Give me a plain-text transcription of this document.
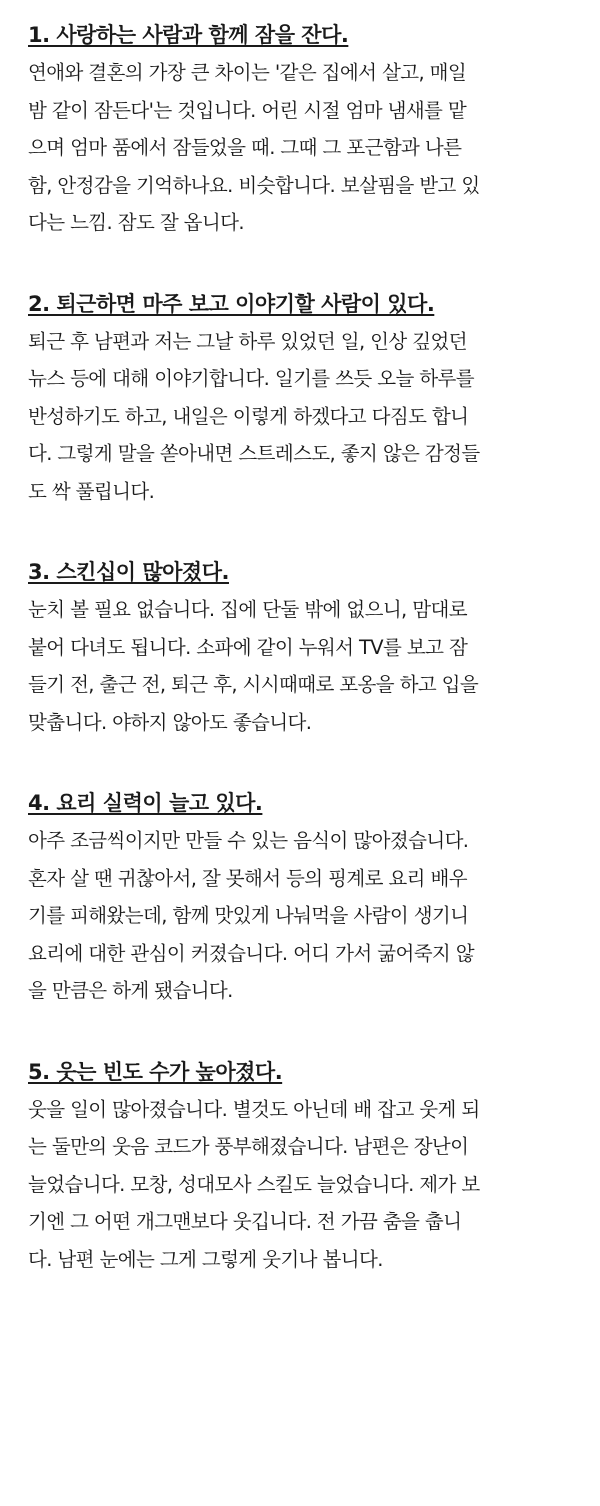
1. 사랑하는 사람과 함께 잠을 잔다.

연애와 결혼의 가장 큰 차이는 '같은 집에서 살고, 매일
밤 같이 잠든다'는 것입니다. 어린 시절 엄마 냄새를 맡
으며 엄마 품에서 잠들었을 때. 그때 그 포근함과 나른
함, 안정감을 기억하나요. 비슷합니다. 보살핌을 받고 있
다는 느낌. 잠도 잘 옵니다.

2. 퇴근하면 마주 보고 이야기할 사람이 있다.

퇴근 후 남편과 저는 그날 하루 있었던 일, 인상 깊었던
뉴스 등에 대해 이야기합니다. 일기를 쓰듯 오늘 하루를
반성하기도 하고, 내일은 이렇게 하겠다고 다짐도 합니
다. 그렇게 말을 쏟아내면 스트레스도, 좋지 않은 감정들
도 싹 풀립니다.

3. 스킨십이 많아졌다.

눈치 볼 필요 없습니다. 집에 단둘 밖에 없으니, 맘대로
붙어 다녀도 됩니다. 소파에 같이 누워서 TV를 보고 잠
들기 전, 출근 전, 퇴근 후, 시시때때로 포옹을 하고 입을
맞춥니다. 야하지 않아도 좋습니다.

4. 요리 실력이 늘고 있다.

아주 조금씩이지만 만들 수 있는 음식이 많아졌습니다.
혼자 살 땐 귀찮아서, 잘 못해서 등의 핑계로 요리 배우
기를 피해왔는데, 함께 맛있게 나눠먹을 사람이 생기니
요리에 대한 관심이 커졌습니다. 어디 가서 굶어죽지 않
을 만큼은 하게 됐습니다.

5. 웃는 빈도 수가 높아졌다.

웃을 일이 많아졌습니다. 별것도 아닌데 배 잡고 웃게 되
는 둘만의 웃음 코드가 풍부해졌습니다. 남편은 장난이
늘었습니다. 모창, 성대모사 스킬도 늘었습니다. 제가 보
기엔 그 어떤 개그맨보다 웃깁니다. 전 가끔 춤을 춥니
다. 남편 눈에는 그게 그렇게 웃기나 봅니다.
